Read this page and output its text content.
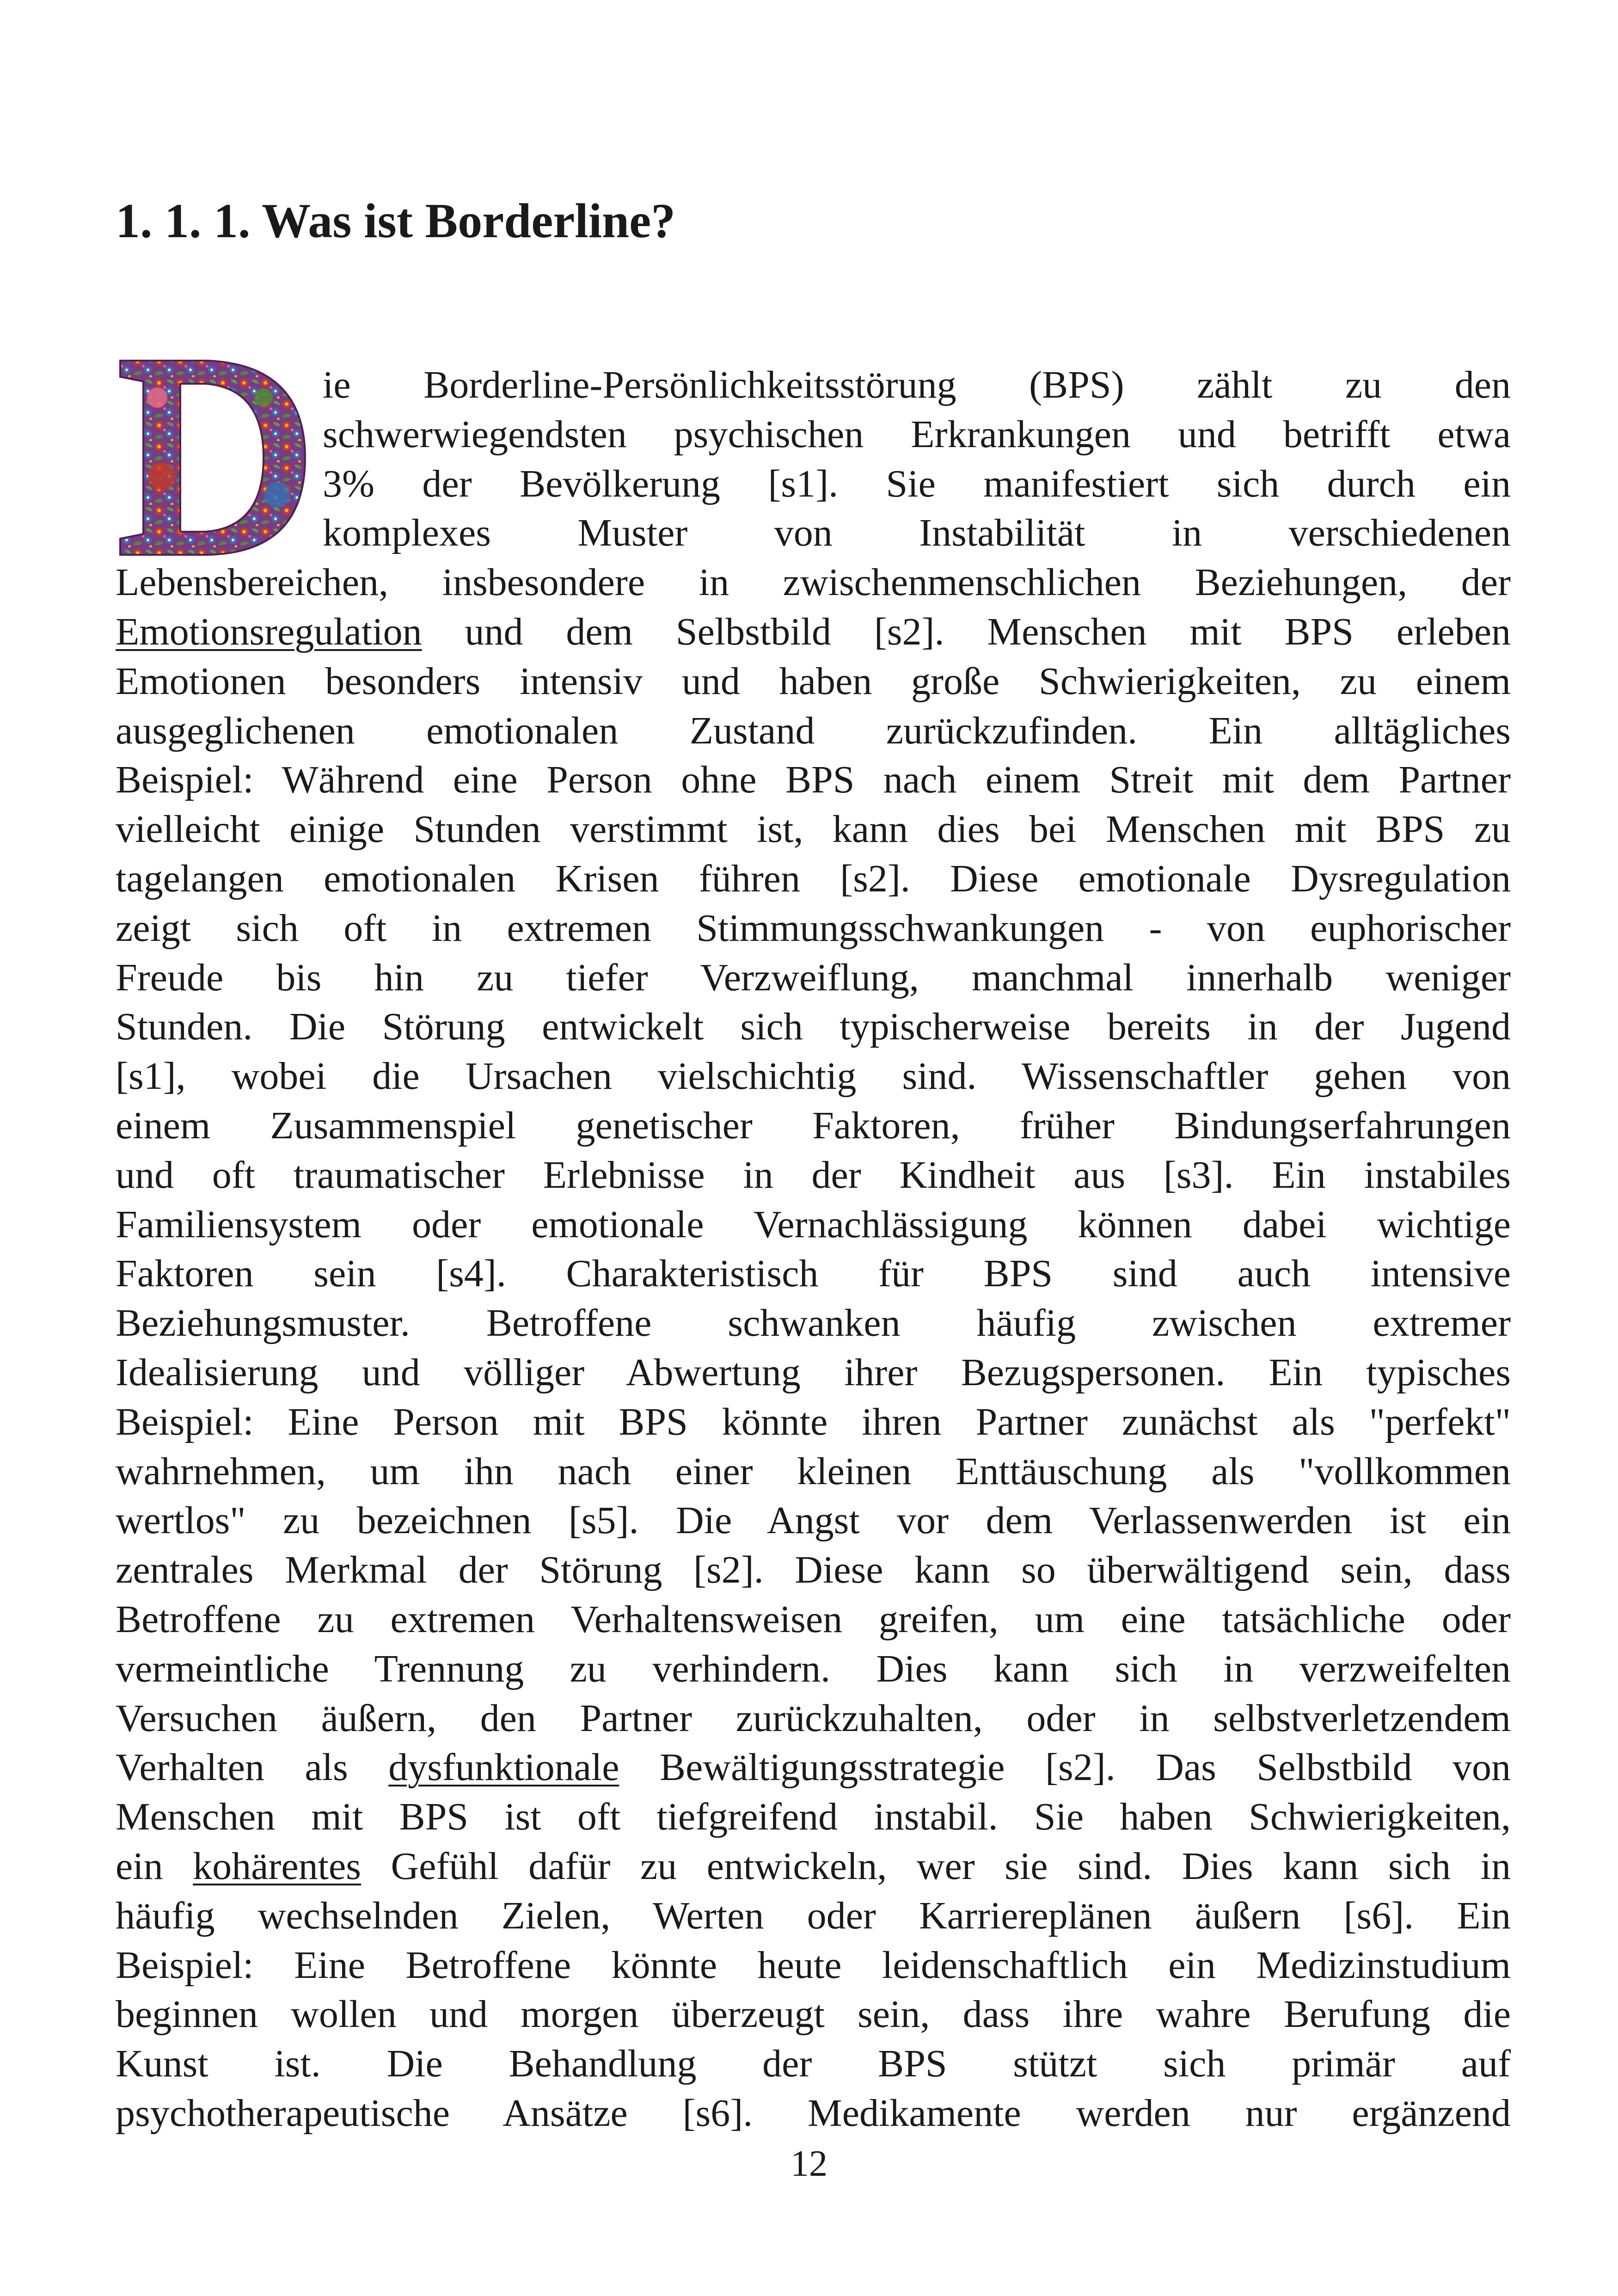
1. 1. 1. Was ist Borderline?
ie Borderline-Persönlichkeitsstörung (BPS) zählt zu den
schwerwiegendsten psychischen Erkrankungen und betrifft etwa
3% der Bevölkerung [s1]. Sie manifestiert sich durch ein
komplexes Muster von Instabilität in verschiedenen
Lebensbereichen, insbesondere in zwischenmenschlichen Beziehungen, der
Emotionsregulation und dem Selbstbild [s2]. Menschen mit BPS erleben
Emotionen besonders intensiv und haben große Schwierigkeiten, zu einem
ausgeglichenen emotionalen Zustand zurückzufinden. Ein alltägliches
Beispiel: Während eine Person ohne BPS nach einem Streit mit dem Partner
vielleicht einige Stunden verstimmt ist, kann dies bei Menschen mit BPS zu
tagelangen emotionalen Krisen führen [s2]. Diese emotionale Dysregulation
zeigt sich oft in extremen Stimmungsschwankungen - von euphorischer
Freude bis hin zu tiefer Verzweiflung, manchmal innerhalb weniger
Stunden. Die Störung entwickelt sich typischerweise bereits in der Jugend
[s1], wobei die Ursachen vielschichtig sind. Wissenschaftler gehen von
einem Zusammenspiel genetischer Faktoren, früher Bindungserfahrungen
und oft traumatischer Erlebnisse in der Kindheit aus [s3]. Ein instabiles
Familiensystem oder emotionale Vernachlässigung können dabei wichtige
Faktoren sein [s4]. Charakteristisch für BPS sind auch intensive
Beziehungsmuster. Betroffene schwanken häufig zwischen extremer
Idealisierung und völliger Abwertung ihrer Bezugspersonen. Ein typisches
Beispiel: Eine Person mit BPS könnte ihren Partner zunächst als "perfekt"
wahrnehmen, um ihn nach einer kleinen Enttäuschung als "vollkommen
wertlos" zu bezeichnen [s5]. Die Angst vor dem Verlassenwerden ist ein
zentrales Merkmal der Störung [s2]. Diese kann so überwältigend sein, dass
Betroffene zu extremen Verhaltensweisen greifen, um eine tatsächliche oder
vermeintliche Trennung zu verhindern. Dies kann sich in verzweifelten
Versuchen äußern, den Partner zurückzuhalten, oder in selbstverletzendem
Verhalten als dysfunktionale Bewältigungsstrategie [s2]. Das Selbstbild von
Menschen mit BPS ist oft tiefgreifend instabil. Sie haben Schwierigkeiten,
ein kohärentes Gefühl dafür zu entwickeln, wer sie sind. Dies kann sich in
häufig wechselnden Zielen, Werten oder Karriereplänen äußern [s6]. Ein
Beispiel: Eine Betroffene könnte heute leidenschaftlich ein Medizinstudium
beginnen wollen und morgen überzeugt sein, dass ihre wahre Berufung die
Kunst ist. Die Behandlung der BPS stützt sich primär auf
psychotherapeutische Ansätze [s6]. Medikamente werden nur ergänzend
12
